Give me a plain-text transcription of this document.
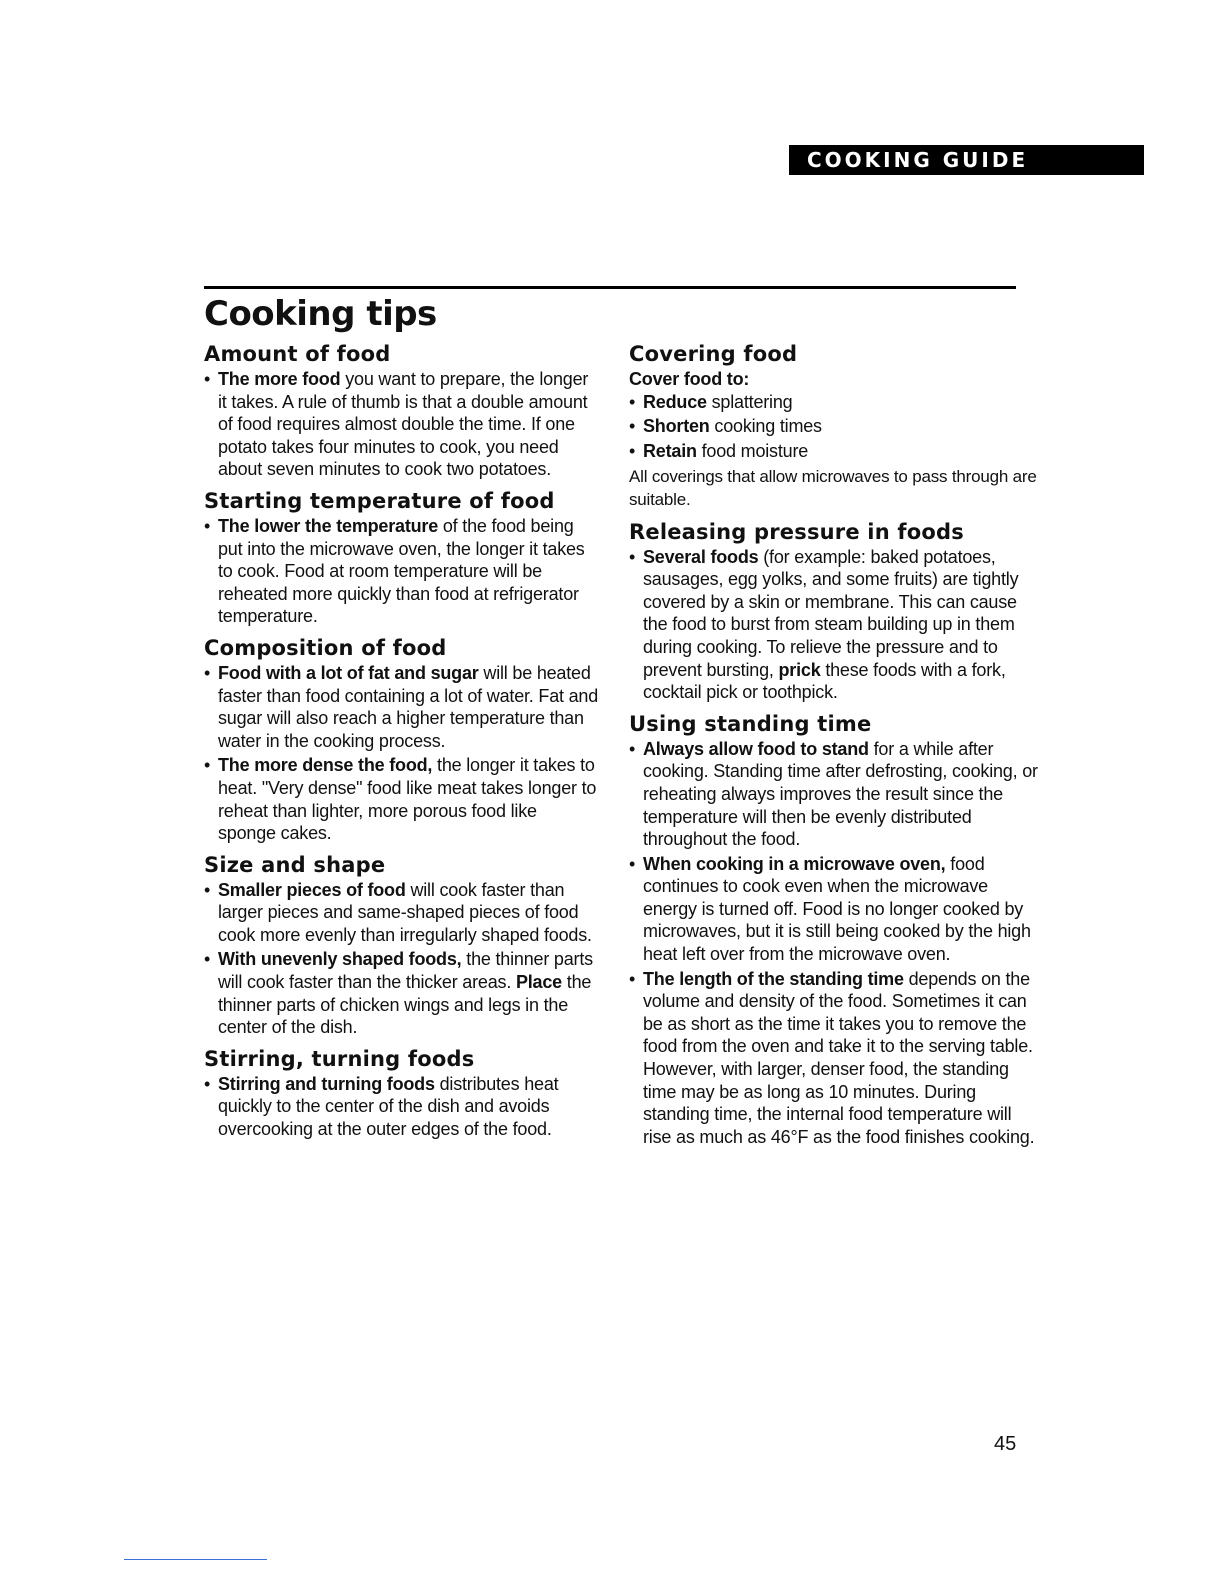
COOKING GUIDE
Cooking tips
Amount of food

• The more food you want to prepare, the longer it takes. A rule of thumb is that a double amount of food requires almost double the time. If one potato takes four minutes to cook, you need about seven minutes to cook two potatoes.

Starting temperature of food

• The lower the temperature of the food being put into the microwave oven, the longer it takes to cook. Food at room temperature will be reheated more quickly than food at refrigerator temperature.

Composition of food

• Food with a lot of fat and sugar will be heated faster than food containing a lot of water. Fat and sugar will also reach a higher temperature than water in the cooking process.

• The more dense the food, the longer it takes to heat. "Very dense" food like meat takes longer to reheat than lighter, more porous food like sponge cakes.

Size and shape

• Smaller pieces of food will cook faster than larger pieces and same-shaped pieces of food cook more evenly than irregularly shaped foods.

• With unevenly shaped foods, the thinner parts will cook faster than the thicker areas. Place the thinner parts of chicken wings and legs in the center of the dish.

Stirring, turning foods

• Stirring and turning foods distributes heat quickly to the center of the dish and avoids overcooking at the outer edges of the food.

Covering food

Cover food to:

• Reduce splattering

• Shorten cooking times

• Retain food moisture

All coverings that allow microwaves to pass through are suitable.

Releasing pressure in foods

• Several foods (for example: baked potatoes, sausages, egg yolks, and some fruits) are tightly covered by a skin or membrane. This can cause the food to burst from steam building up in them during cooking. To relieve the pressure and to prevent bursting, prick these foods with a fork, cocktail pick or toothpick.

Using standing time

• Always allow food to stand for a while after cooking. Standing time after defrosting, cooking, or reheating always improves the result since the temperature will then be evenly distributed throughout the food.

• When cooking in a microwave oven, food continues to cook even when the microwave energy is turned off. Food is no longer cooked by microwaves, but it is still being cooked by the high heat left over from the microwave oven.

• The length of the standing time depends on the volume and density of the food. Sometimes it can be as short as the time it takes you to remove the food from the oven and take it to the serving table. However, with larger, denser food, the standing time may be as long as 10 minutes. During standing time, the internal food temperature will rise as much as 46°F as the food finishes cooking.

45
